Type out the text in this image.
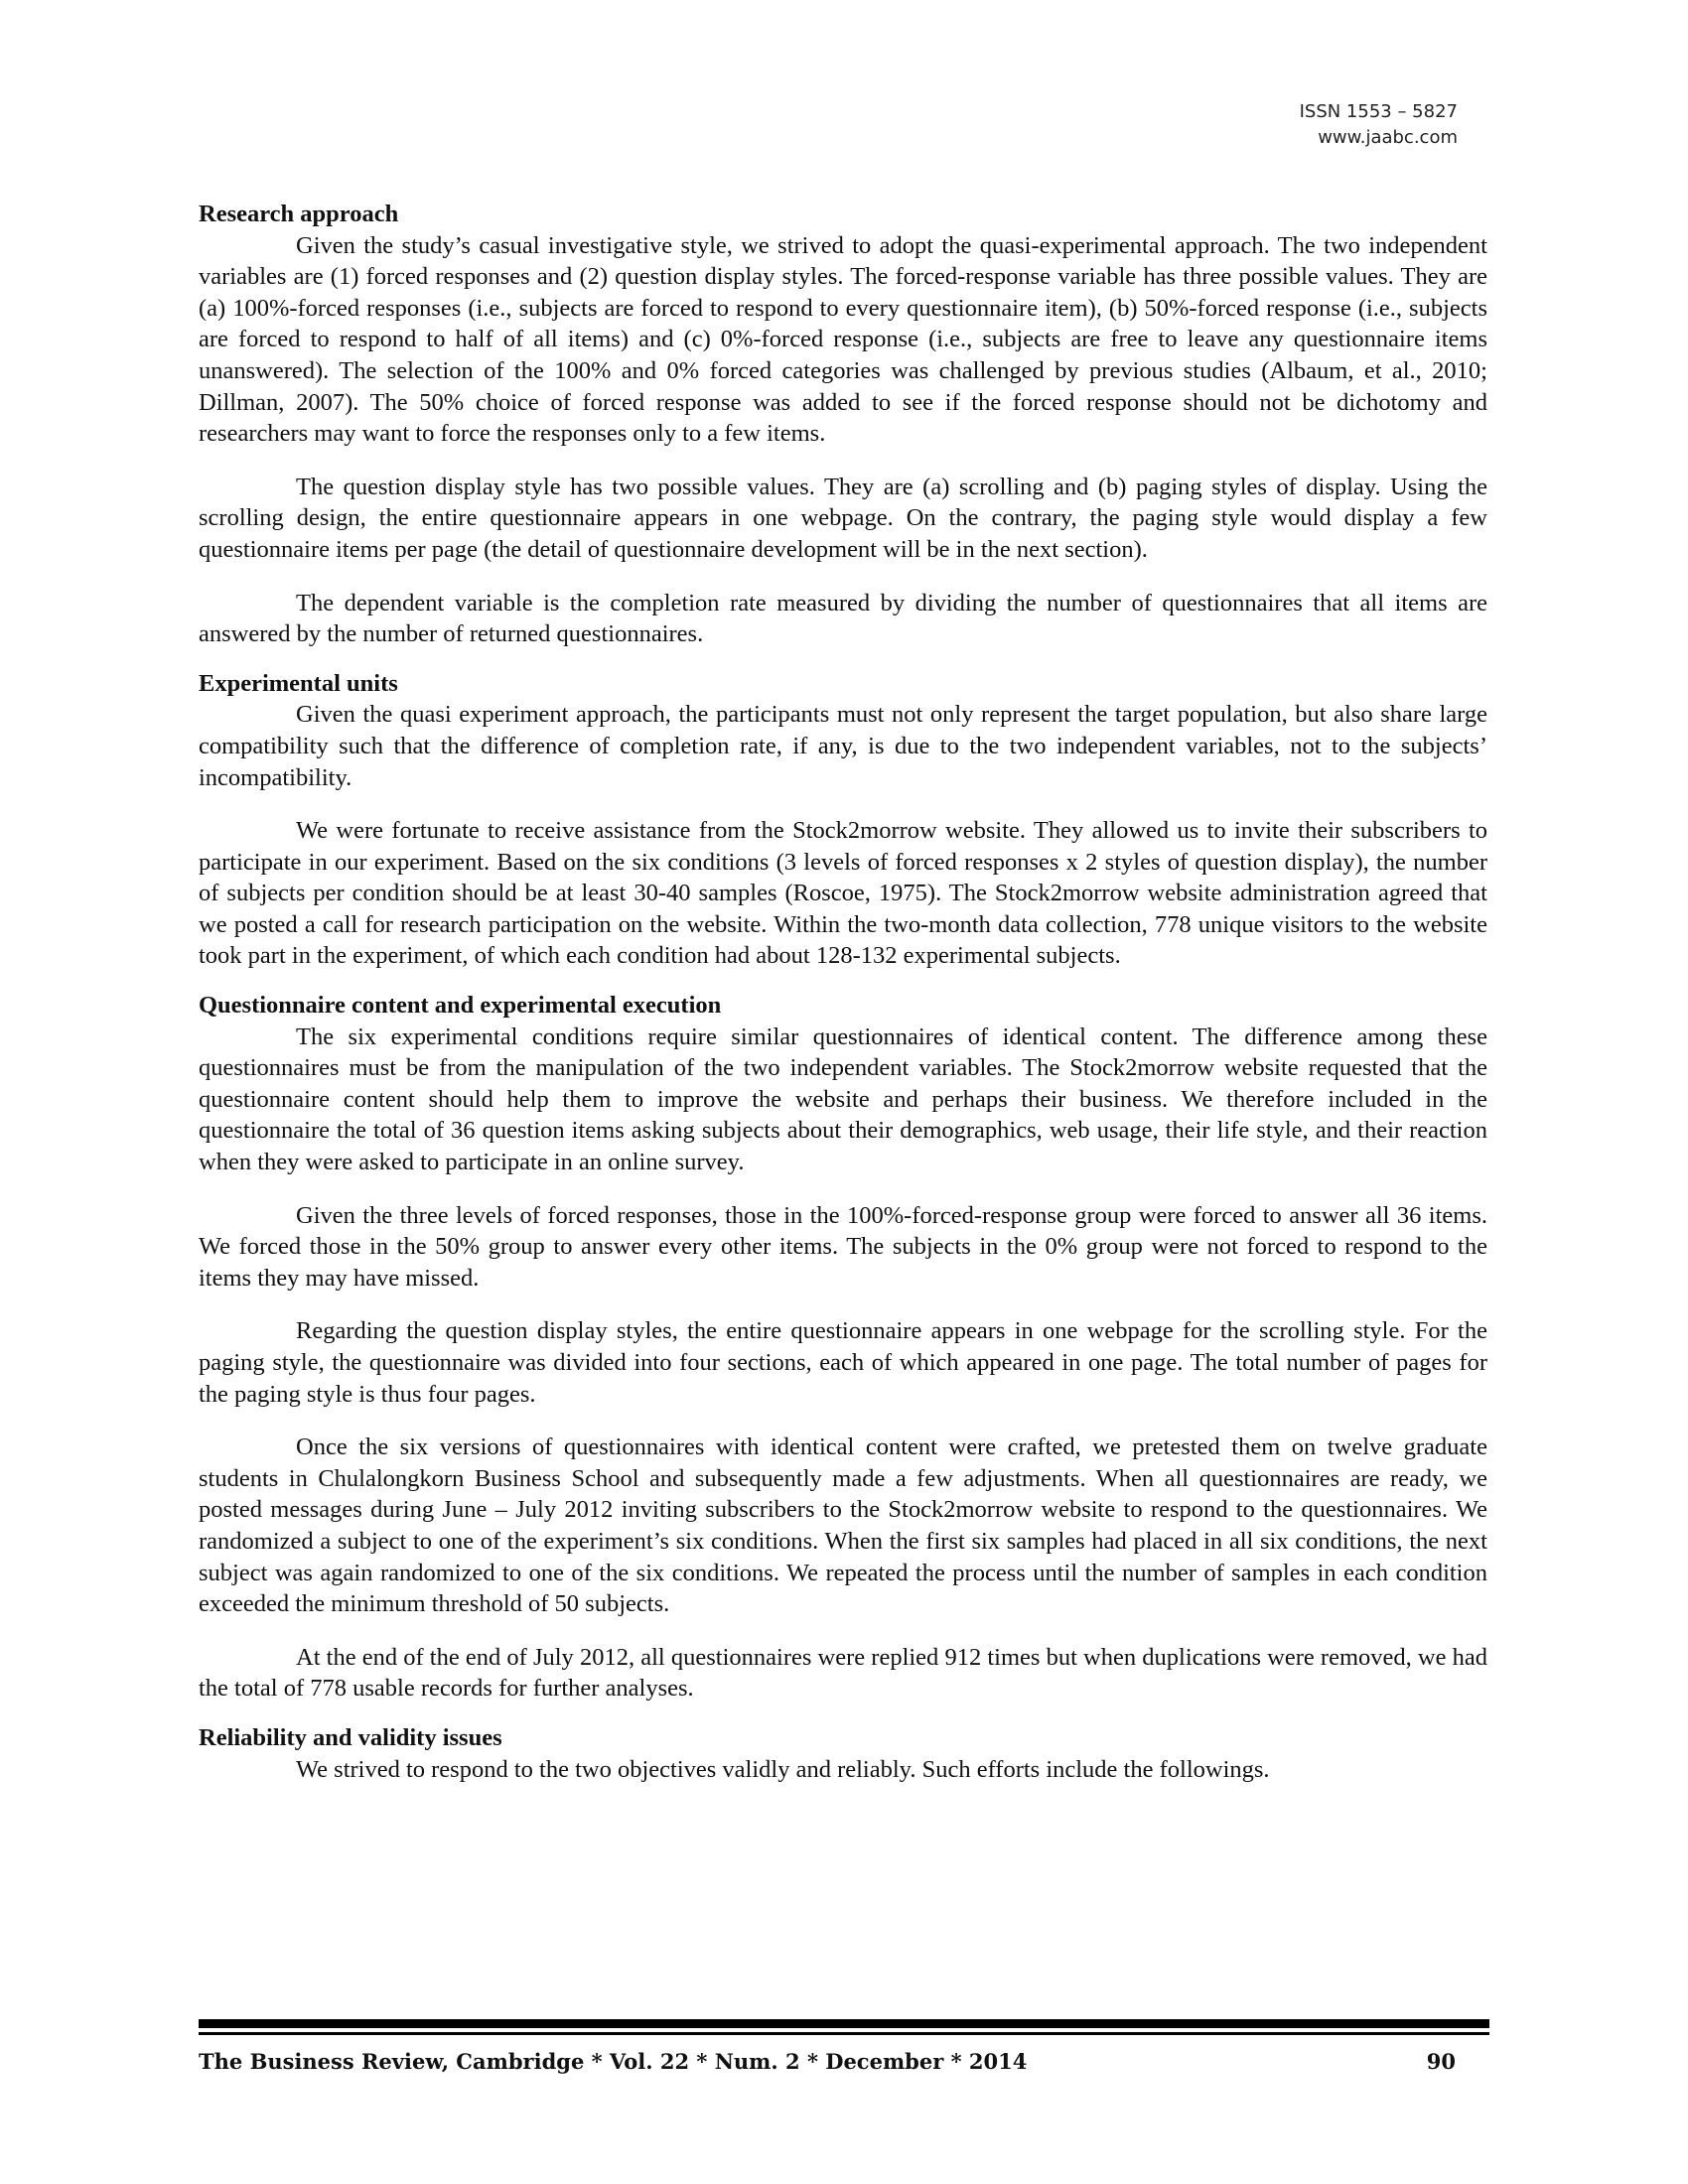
ISSN 1553 – 5827
www.jaabc.com
Research approach

Given the study’s casual investigative style, we strived to adopt the quasi-experimental approach. The two independent variables are (1) forced responses and (2) question display styles. The forced-response variable has three possible values. They are (a) 100%-forced responses (i.e., subjects are forced to respond to every questionnaire item), (b) 50%-forced response (i.e., subjects are forced to respond to half of all items) and (c) 0%-forced response (i.e., subjects are free to leave any questionnaire items unanswered). The selection of the 100% and 0% forced categories was challenged by previous studies (Albaum, et al., 2010; Dillman, 2007). The 50% choice of forced response was added to see if the forced response should not be dichotomy and researchers may want to force the responses only to a few items.

The question display style has two possible values. They are (a) scrolling and (b) paging styles of display. Using the scrolling design, the entire questionnaire appears in one webpage. On the contrary, the paging style would display a few questionnaire items per page (the detail of questionnaire development will be in the next section).

The dependent variable is the completion rate measured by dividing the number of questionnaires that all items are answered by the number of returned questionnaires.

Experimental units

Given the quasi experiment approach, the participants must not only represent the target population, but also share large compatibility such that the difference of completion rate, if any, is due to the two independent variables, not to the subjects’ incompatibility.

We were fortunate to receive assistance from the Stock2morrow website. They allowed us to invite their subscribers to participate in our experiment. Based on the six conditions (3 levels of forced responses x 2 styles of question display), the number of subjects per condition should be at least 30-40 samples (Roscoe, 1975). The Stock2morrow website administration agreed that we posted a call for research participation on the website. Within the two-month data collection, 778 unique visitors to the website took part in the experiment, of which each condition had about 128-132 experimental subjects.

Questionnaire content and experimental execution

The six experimental conditions require similar questionnaires of identical content. The difference among these questionnaires must be from the manipulation of the two independent variables. The Stock2morrow website requested that the questionnaire content should help them to improve the website and perhaps their business. We therefore included in the questionnaire the total of 36 question items asking subjects about their demographics, web usage, their life style, and their reaction when they were asked to participate in an online survey.

Given the three levels of forced responses, those in the 100%-forced-response group were forced to answer all 36 items. We forced those in the 50% group to answer every other items. The subjects in the 0% group were not forced to respond to the items they may have missed.

Regarding the question display styles, the entire questionnaire appears in one webpage for the scrolling style. For the paging style, the questionnaire was divided into four sections, each of which appeared in one page. The total number of pages for the paging style is thus four pages.

Once the six versions of questionnaires with identical content were crafted, we pretested them on twelve graduate students in Chulalongkorn Business School and subsequently made a few adjustments. When all questionnaires are ready, we posted messages during June – July 2012 inviting subscribers to the Stock2morrow website to respond to the questionnaires. We randomized a subject to one of the experiment’s six conditions. When the first six samples had placed in all six conditions, the next subject was again randomized to one of the six conditions. We repeated the process until the number of samples in each condition exceeded the minimum threshold of 50 subjects.

At the end of the end of July 2012, all questionnaires were replied 912 times but when duplications were removed, we had the total of 778 usable records for further analyses.

Reliability and validity issues

We strived to respond to the two objectives validly and reliably. Such efforts include the followings.

The Business Review, Cambridge * Vol. 22 * Num. 2 * December * 2014	90
